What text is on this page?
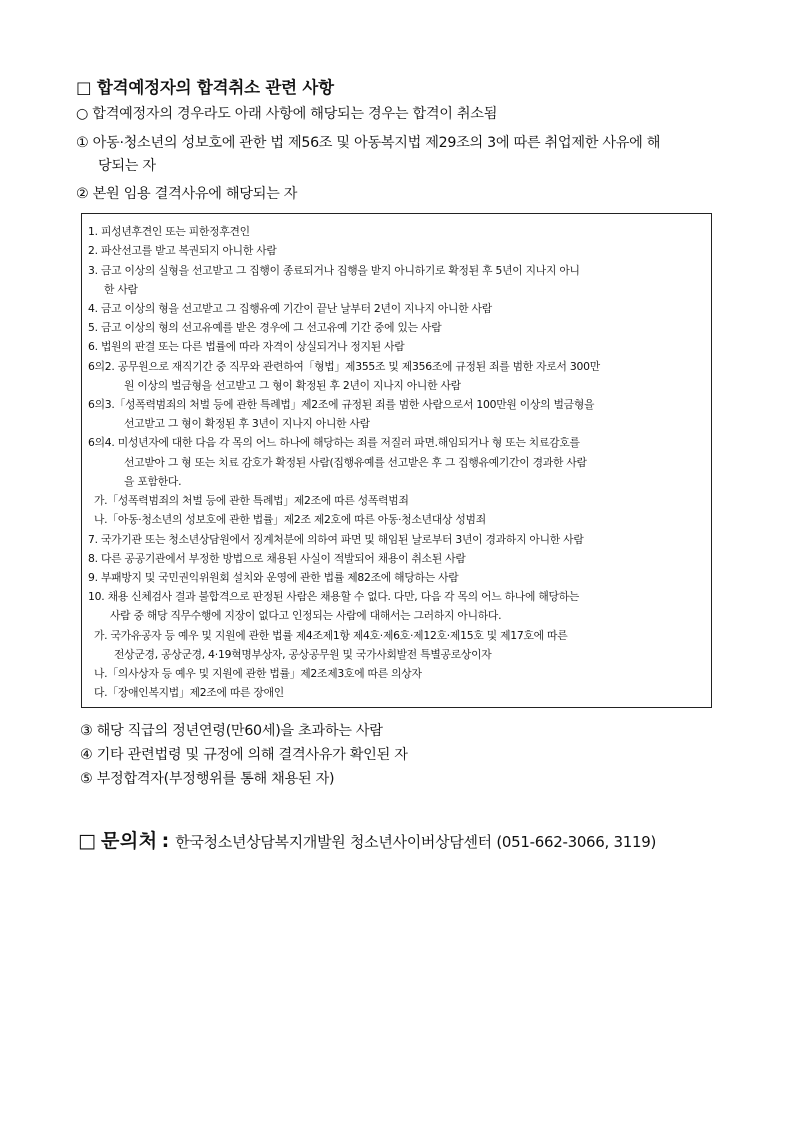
□ 합격예정자의 합격취소 관련 사항
○ 합격예정자의 경우라도 아래 사항에 해당되는 경우는 합격이 취소됨
① 아동·청소년의 성보호에 관한 법 제56조 및 아동복지법 제29조의 3에 따른 취업제한 사유에 해
당되는 자
② 본원 임용 결격사유에 해당되는 자
1. 피성년후견인 또는 피한정후견인
2. 파산선고를 받고 복권되지 아니한 사람
3. 금고 이상의 실형을 선고받고 그 집행이 종료되거나 집행을 받지 아니하기로 확정된 후 5년이 지나지 아니
한 사람
4. 금고 이상의 형을 선고받고 그 집행유예 기간이 끝난 날부터 2년이 지나지 아니한 사람
5. 금고 이상의 형의 선고유예를 받은 경우에 그 선고유예 기간 중에 있는 사람
6. 법원의 판결 또는 다른 법률에 따라 자격이 상실되거나 정지된 사람
6의2. 공무원으로 재직기간 중 직무와 관련하여「형법」제355조 및 제356조에 규정된 죄를 범한 자로서 300만
원 이상의 벌금형을 선고받고 그 형이 확정된 후 2년이 지나지 아니한 사람
6의3.「성폭력범죄의 처벌 등에 관한 특례법」제2조에 규정된 죄를 범한 사람으로서 100만원 이상의 벌금형을
선고받고 그 형이 확정된 후 3년이 지나지 아니한 사람
6의4. 미성년자에 대한 다음 각 목의 어느 하나에 해당하는 죄를 저질러 파면.해임되거나 형 또는 치료감호를
선고받아 그 형 또는 치료 감호가 확정된 사람(집행유예를 선고받은 후 그 집행유예기간이 경과한 사람
을 포함한다.
가.「성폭력범죄의 처벌 등에 관한 특례법」제2조에 따른 성폭력범죄
나.「아동·청소년의 성보호에 관한 법률」제2조 제2호에 따른 아동·청소년대상 성범죄
7. 국가기관 또는 청소년상담원에서 징계처분에 의하여 파면 및 해임된 날로부터 3년이 경과하지 아니한 사람
8. 다른 공공기관에서 부정한 방법으로 채용된 사실이 적발되어 채용이 취소된 사람
9. 부패방지 및 국민권익위원회 설치와 운영에 관한 법률 제82조에 해당하는 사람
10. 채용 신체검사 결과 불합격으로 판정된 사람은 채용할 수 없다. 다만, 다음 각 목의 어느 하나에 해당하는
사람 중 해당 직무수행에 지장이 없다고 인정되는 사람에 대해서는 그러하지 아니하다.
가. 국가유공자 등 예우 및 지원에 관한 법률 제4조제1항 제4호·제6호·제12호·제15호 및 제17호에 따른
전상군경, 공상군경, 4·19혁명부상자, 공상공무원 및 국가사회발전 특별공로상이자
나.「의사상자 등 예우 및 지원에 관한 법률」제2조제3호에 따른 의상자
다.「장애인복지법」제2조에 따른 장애인
③ 해당 직급의 정년연령(만60세)을 초과하는 사람
④ 기타 관련법령 및 규정에 의해 결격사유가 확인된 자
⑤ 부정합격자(부정행위를 통해 채용된 자)
□ 문의처 : 한국청소년상담복지개발원 청소년사이버상담센터 (051-662-3066, 3119)
